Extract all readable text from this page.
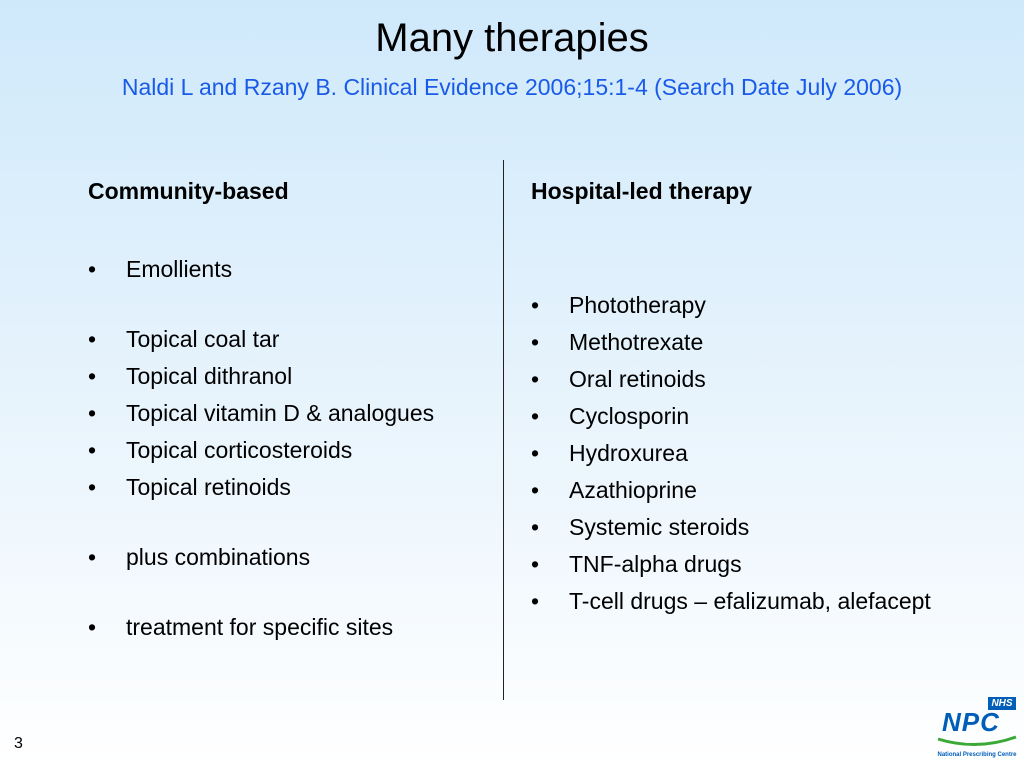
Many therapies
Naldi L and Rzany B. Clinical Evidence 2006;15:1-4 (Search Date July 2006)
Community-based
• Emollients
• Topical coal tar
• Topical dithranol
• Topical vitamin D & analogues
• Topical corticosteroids
• Topical retinoids
• plus combinations
• treatment for specific sites
Hospital-led therapy
• Phototherapy
• Methotrexate
• Oral retinoids
• Cyclosporin
• Hydroxurea
• Azathioprine
• Systemic steroids
• TNF-alpha drugs
• T-cell drugs – efalizumab, alefacept
3
NHS
NPC
National Prescribing Centre
